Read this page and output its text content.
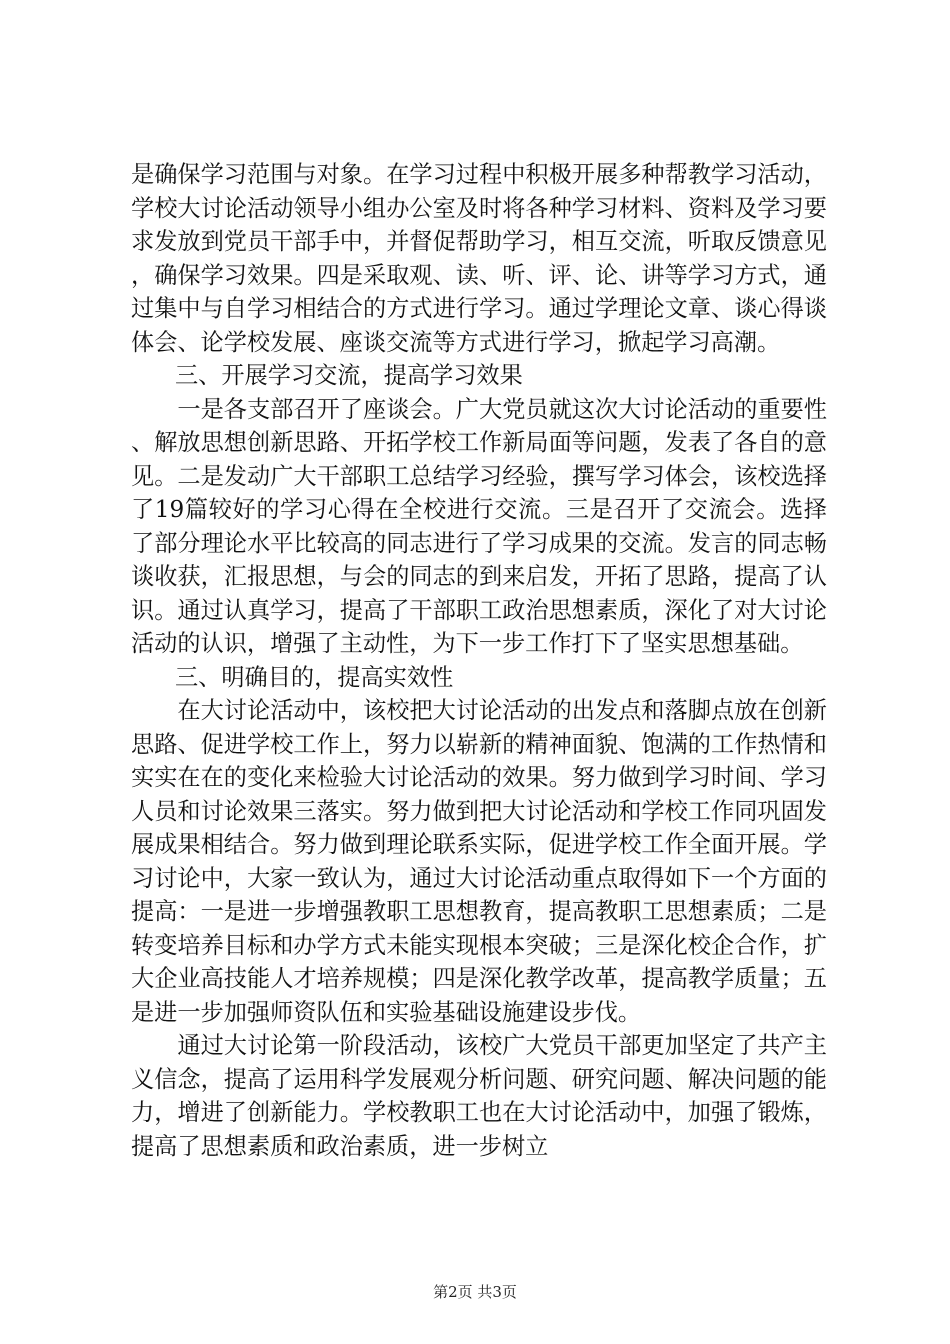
是确保学习范围与对象。在学习过程中积极开展多种帮教学习活动，学校大讨论活动领导小组办公室及时将各种学习材料、资料及学习要求发放到党员干部手中，并督促帮助学习，相互交流，听取反馈意见，确保学习效果。四是采取观、读、听、评、论、讲等学习方式，通过集中与自学习相结合的方式进行学习。通过学理论文章、谈心得谈体会、论学校发展、座谈交流等方式进行学习，掀起学习高潮。

三、开展学习交流，提高学习效果

一是各支部召开了座谈会。广大党员就这次大讨论活动的重要性、解放思想创新思路、开拓学校工作新局面等问题，发表了各自的意见。二是发动广大干部职工总结学习经验，撰写学习体会，该校选择了19篇较好的学习心得在全校进行交流。三是召开了交流会。选择了部分理论水平比较高的同志进行了学习成果的交流。发言的同志畅谈收获，汇报思想，与会的同志的到来启发，开拓了思路，提高了认识。通过认真学习，提高了干部职工政治思想素质，深化了对大讨论活动的认识，增强了主动性，为下一步工作打下了坚实思想基础。

三、明确目的，提高实效性

在大讨论活动中，该校把大讨论活动的出发点和落脚点放在创新思路、促进学校工作上，努力以崭新的精神面貌、饱满的工作热情和实实在在的变化来检验大讨论活动的效果。努力做到学习时间、学习人员和讨论效果三落实。努力做到把大讨论活动和学校工作同巩固发展成果相结合。努力做到理论联系实际，促进学校工作全面开展。学习讨论中，大家一致认为，通过大讨论活动重点取得如下一个方面的提高：一是进一步增强教职工思想教育，提高教职工思想素质；二是转变培养目标和办学方式未能实现根本突破；三是深化校企合作，扩大企业高技能人才培养规模；四是深化教学改革，提高教学质量；五是进一步加强师资队伍和实验基础设施建设步伐。

通过大讨论第一阶段活动，该校广大党员干部更加坚定了共产主义信念，提高了运用科学发展观分析问题、研究问题、解决问题的能力，增进了创新能力。学校教职工也在大讨论活动中，加强了锻炼，提高了思想素质和政治素质，进一步树立

第2页 共3页
